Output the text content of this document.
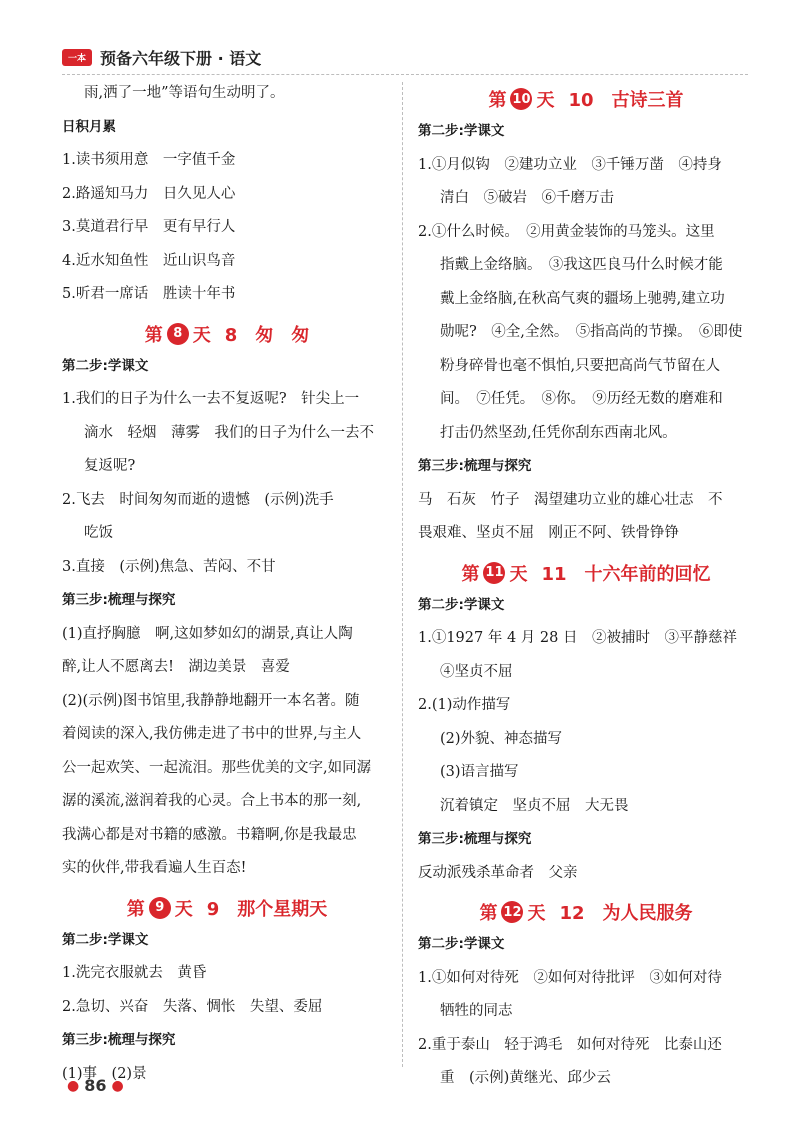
一本 预备六年级下册 · 语文
雨,洒了一地”等语句生动明了。
日积月累
1.读书须用意　一字值千金
2.路遥知马力　日久见人心
3.莫道君行早　更有早行人
4.近水知鱼性　近山识鸟音
5.听君一席话　胜读十年书
第 8 天 8　匆　匆
第二步:学课文
1.我们的日子为什么一去不复返呢?　针尖上一
滴水　轻烟　薄雾　我们的日子为什么一去不
复返呢?
2.飞去　时间匆匆而逝的遗憾　(示例)洗手
吃饭
3.直接　(示例)焦急、苦闷、不甘
第三步:梳理与探究
(1)直抒胸臆　啊,这如梦如幻的湖景,真让人陶
醉,让人不愿离去!　湖边美景　喜爱
(2)(示例)图书馆里,我静静地翻开一本名著。随
着阅读的深入,我仿佛走进了书中的世界,与主人
公一起欢笑、一起流泪。那些优美的文字,如同潺
潺的溪流,滋润着我的心灵。合上书本的那一刻,
我满心都是对书籍的感激。书籍啊,你是我最忠
实的伙伴,带我看遍人生百态!
第 9 天 9　那个星期天
第二步:学课文
1.洗完衣服就去　黄昏
2.急切、兴奋　失落、惆怅　失望、委屈
第三步:梳理与探究
(1)事　(2)景
第 10 天 10　古诗三首
第二步:学课文
1.①月似钩　②建功立业　③千锤万凿　④持身
清白　⑤破岩　⑥千磨万击
2.①什么时候。　②用黄金装饰的马笼头。这里
指戴上金络脑。　③我这匹良马什么时候才能
戴上金络脑,在秋高气爽的疆场上驰骋,建立功
勋呢?　④全,全然。　⑤指高尚的节操。　⑥即使
粉身碎骨也毫不惧怕,只要把高尚气节留在人
间。　⑦任凭。　⑧你。　⑨历经无数的磨难和
打击仍然坚劲,任凭你刮东西南北风。
第三步:梳理与探究
马　石灰　竹子　渴望建功立业的雄心壮志　不
畏艰难、坚贞不屈　刚正不阿、铁骨铮铮
第 11 天 11　十六年前的回忆
第二步:学课文
1.①1927 年 4 月 28 日　②被捕时　③平静慈祥
④坚贞不屈
2.(1)动作描写
(2)外貌、神态描写
(3)语言描写
沉着镇定　坚贞不屈　大无畏
第三步:梳理与探究
反动派残杀革命者　父亲
第 12 天 12　为人民服务
第二步:学课文
1.①如何对待死　②如何对待批评　③如何对待
牺牲的同志
2.重于泰山　轻于鸿毛　如何对待死　比泰山还
重　(示例)黄继光、邱少云
● 86 ●
